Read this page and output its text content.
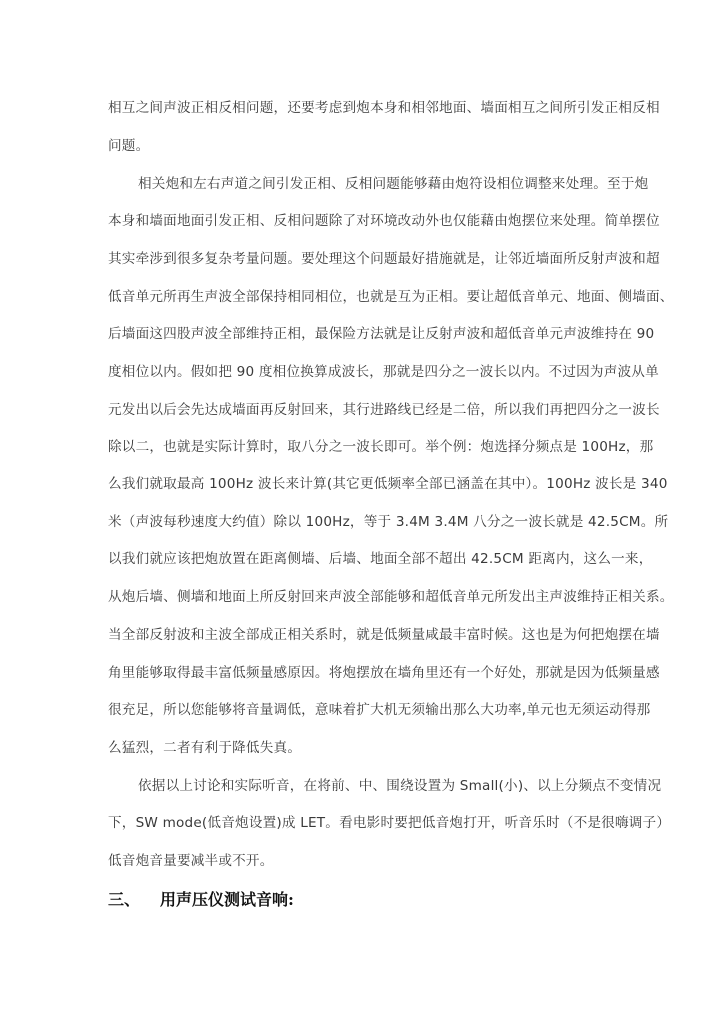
相互之间声波正相反相问题，还要考虑到炮本身和相邻地面、墙面相互之间所引发正相反相
问题。
相关炮和左右声道之间引发正相、反相问题能够藉由炮符设相位调整来处理。至于炮
本身和墙面地面引发正相、反相问题除了对环境改动外也仅能藉由炮摆位来处理。简单摆位
其实牵涉到很多复杂考量问题。要处理这个问题最好措施就是，让邻近墙面所反射声波和超
低音单元所再生声波全部保持相同相位，也就是互为正相。要让超低音单元、地面、侧墙面、
后墙面这四股声波全部维持正相，最保险方法就是让反射声波和超低音单元声波维持在 90
度相位以内。假如把 90 度相位换算成波长，那就是四分之一波长以内。不过因为声波从单
元发出以后会先达成墙面再反射回来，其行进路线已经是二倍，所以我们再把四分之一波长
除以二，也就是实际计算时，取八分之一波长即可。举个例：炮选择分频点是 100Hz，那
么我们就取最高 100Hz 波长来计算(其它更低频率全部已涵盖在其中）。100Hz 波长是 340
米（声波每秒速度大约值）除以 100Hz，等于 3.4M 3.4M 八分之一波长就是 42.5CM。所
以我们就应该把炮放置在距离侧墙、后墙、地面全部不超出 42.5CM 距离内，这么一来，
从炮后墙、侧墙和地面上所反射回来声波全部能够和超低音单元所发出主声波维持正相关系。
当全部反射波和主波全部成正相关系时，就是低频量咸最丰富时候。这也是为何把炮摆在墙
角里能够取得最丰富低频量感原因。将炮摆放在墙角里还有一个好处，那就是因为低频量感
很充足，所以您能够将音量调低，意味着扩大机无须输出那么大功率,单元也无须运动得那
么猛烈，二者有利于降低失真。
依据以上讨论和实际听音，在将前、中、围绕设置为 Small(小)、以上分频点不变情况
下，SW mode(低音炮设置)成 LET。看电影时要把低音炮打开，听音乐时（不是很嗨调子）
低音炮音量要减半或不开。
三、 用声压仪测试音响:
